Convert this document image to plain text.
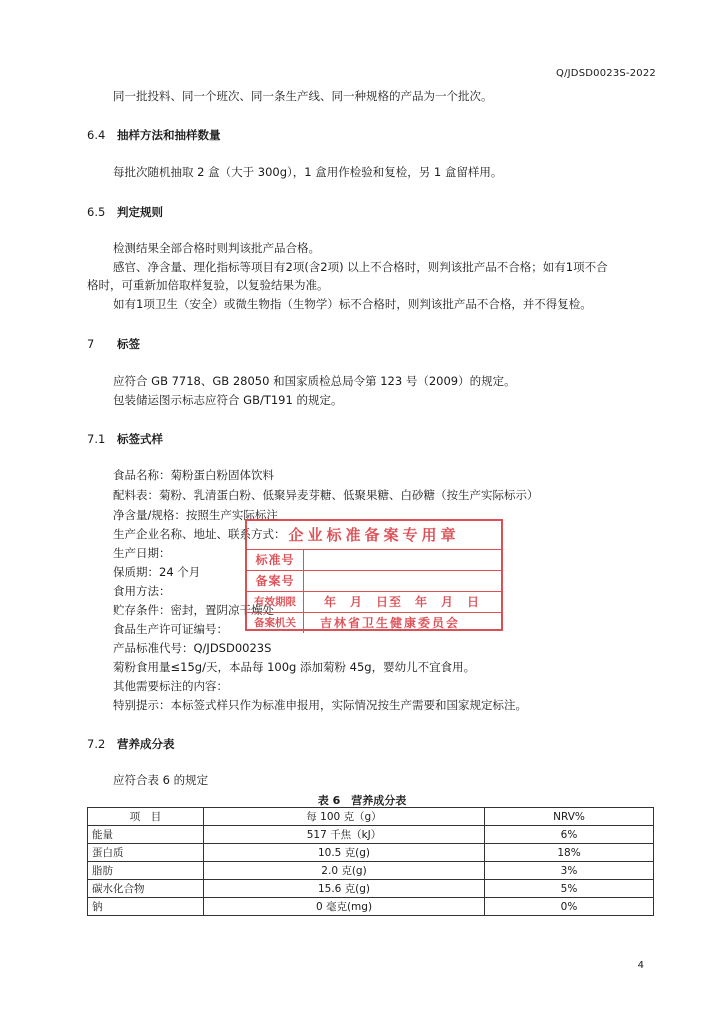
Q/JDSD0023S-2022
同一批投料、同一个班次、同一条生产线、同一种规格的产品为一个批次。
6.4 抽样方法和抽样数量
每批次随机抽取 2 盒（大于 300g），1 盒用作检验和复检，另 1 盒留样用。
6.5 判定规则
检测结果全部合格时则判该批产品合格。
感官、净含量、理化指标等项目有2项(含2项) 以上不合格时，则判该批产品不合格；如有1项不合
格时，可重新加倍取样复验，以复验结果为准。
如有1项卫生（安全）或微生物指（生物学）标不合格时，则判该批产品不合格，并不得复检。
7 标签
应符合 GB 7718、GB 28050 和国家质检总局令第 123 号（2009）的规定。
包装储运图示标志应符合 GB/T191 的规定。
7.1 标签式样
食品名称：菊粉蛋白粉固体饮料
配料表：菊粉、乳清蛋白粉、低聚异麦芽糖、低聚果糖、白砂糖（按生产实际标示）
净含量/规格：按照生产实际标注
生产企业名称、地址、联系方式：
生产日期：
保质期：24 个月
食用方法：
贮存条件：密封，置阴凉干燥处
食品生产许可证编号：
产品标准代号：Q/JDSD0023S
菊粉食用量≤15g/天，本品每 100g 添加菊粉 45g，婴幼儿不宜食用。
其他需要标注的内容：
特别提示：本标签式样只作为标准申报用，实际情况按生产需要和国家规定标注。
企业标准备案专用章
标准号
备案号
有效期限	年　月　日至　年　月　日
备案机关	吉林省卫生健康委员会
7.2 营养成分表
应符合表 6 的规定
表 6　营养成分表
项　目	每 100 克（g）	NRV%
能量	517 千焦（kJ）	6%
蛋白质	10.5 克(g)	18%
脂肪	2.0 克(g)	3%
碳水化合物	15.6 克(g)	5%
钠	0 毫克(mg)	0%
4
